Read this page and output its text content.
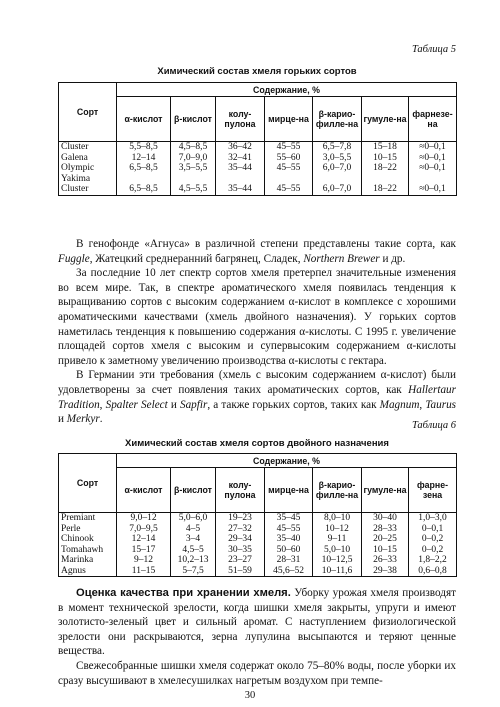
Таблица 5
Химический состав хмеля горьких сортов
Сорт	Содержание, %						
	α-кислот	β-кислот	колу-пулона	мирце-на	β-карио-филле-на	гумуле-на	фарнезе-на
Cluster	5,5–8,5	4,5–8,5	36–42	45–55	6,5–7,8	15–18	≈0–0,1
Galena	12–14	7,0–9,0	32–41	55–60	3,0–5,5	10–15	≈0–0,1
Olympic	6,5–8,5	3,5–5,5	35–44	45–55	6,0–7,0	18–22	≈0–0,1
Yakima							
Cluster	6,5–8,5	4,5–5,5	35–44	45–55	6,0–7,0	18–22	≈0–0,1

В генофонде «Агнуса» в различной степени представлены такие сорта, как Fuggle, Жатецкий среднеранний багрянец, Сладек, Northern Brewer и др.

За последние 10 лет спектр сортов хмеля претерпел значительные изменения во всем мире. Так, в спектре ароматического хмеля появилась тенденция к выращиванию сортов с высоким содержанием α-кислот в комплексе с хорошими ароматическими качествами (хмель двойного назначения). У горьких сортов наметилась тенденция к повышению содержания α-кислоты. С 1995 г. увеличение площадей сортов хмеля с высоким и супервысоким содержанием α-кислоты привело к заметному увеличению производства α-кислоты с гектара.

В Германии эти требования (хмель с высоким содержанием α-кислот) были удовлетворены за счет появления таких ароматических сортов, как Hallertaur Tradition, Spalter Select и Sapfir, а также горьких сортов, таких как Magnum, Taurus и Merkyr.

Таблица 6
Химический состав хмеля сортов двойного назначения
Сорт	Содержание, %						
	α-кислот	β-кислот	колу-пулона	мирце-на	β-карио-филле-на	гумуле-на	фарне-зена
Premiant	9,0–12	5,0–6,0	19–23	35–45	8,0–10	30–40	1,0–3,0
Perle	7,0–9,5	4–5	27–32	45–55	10–12	28–33	0–0,1
Chinook	12–14	3–4	29–34	35–40	9–11	20–25	0–0,2
Tomahawh	15–17	4,5–5	30–35	50–60	5,0–10	10–15	0–0,2
Marinka	9–12	10,2–13	23–27	28–31	10–12,5	26–33	1,8–2,2
Agnus	11–15	5–7,5	51–59	45,6–52	10–11,6	29–38	0,6–0,8

Оценка качества при хранении хмеля. Уборку урожая хмеля производят в момент технической зрелости, когда шишки хмеля закрыты, упруги и имеют золотисто-зеленый цвет и сильный аромат. С наступлением физиологической зрелости они раскрываются, зерна лупулина высыпаются и теряют ценные вещества.

Свежесобранные шишки хмеля содержат около 75–80% воды, после уборки их сразу высушивают в хмелесушилках нагретым воздухом при темпе-

30
